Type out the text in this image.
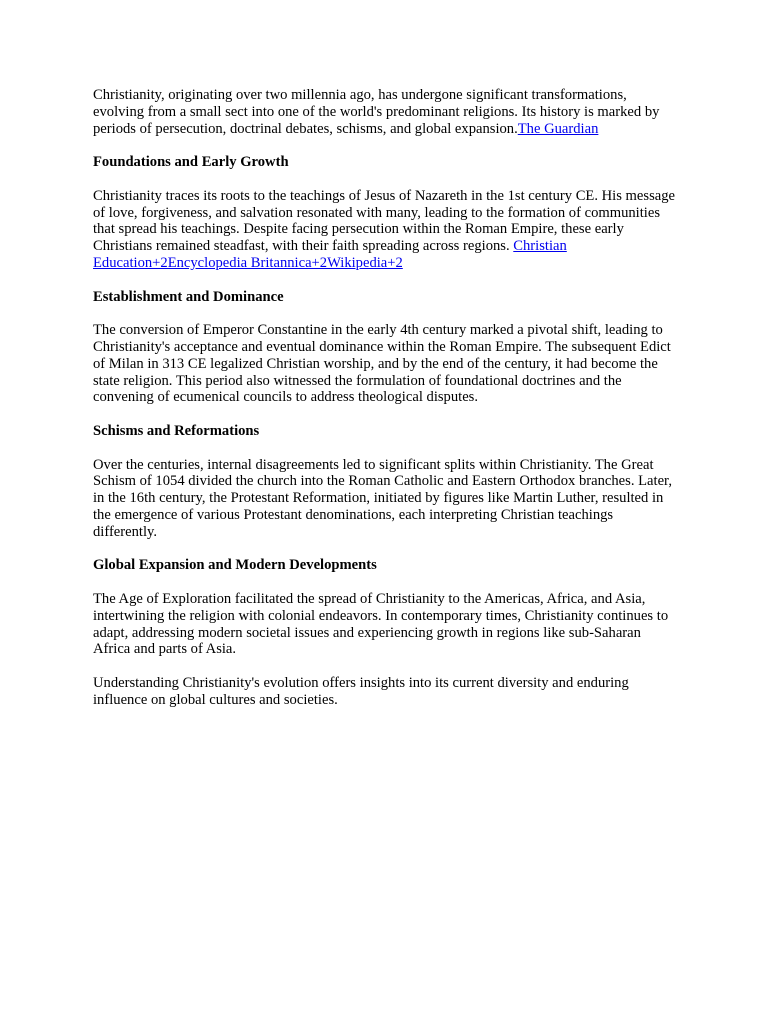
Christianity, originating over two millennia ago, has undergone significant transformations, evolving from a small sect into one of the world's predominant religions. Its history is marked by periods of persecution, doctrinal debates, schisms, and global expansion.The Guardian

Foundations and Early Growth

Christianity traces its roots to the teachings of Jesus of Nazareth in the 1st century CE. His message of love, forgiveness, and salvation resonated with many, leading to the formation of communities that spread his teachings. Despite facing persecution within the Roman Empire, these early Christians remained steadfast, with their faith spreading across regions. Christian Education+2Encyclopedia Britannica+2Wikipedia+2

Establishment and Dominance

The conversion of Emperor Constantine in the early 4th century marked a pivotal shift, leading to Christianity's acceptance and eventual dominance within the Roman Empire. The subsequent Edict of Milan in 313 CE legalized Christian worship, and by the end of the century, it had become the state religion. This period also witnessed the formulation of foundational doctrines and the convening of ecumenical councils to address theological disputes.

Schisms and Reformations

Over the centuries, internal disagreements led to significant splits within Christianity. The Great Schism of 1054 divided the church into the Roman Catholic and Eastern Orthodox branches. Later, in the 16th century, the Protestant Reformation, initiated by figures like Martin Luther, resulted in the emergence of various Protestant denominations, each interpreting Christian teachings differently.

Global Expansion and Modern Developments

The Age of Exploration facilitated the spread of Christianity to the Americas, Africa, and Asia, intertwining the religion with colonial endeavors. In contemporary times, Christianity continues to adapt, addressing modern societal issues and experiencing growth in regions like sub-Saharan Africa and parts of Asia.

Understanding Christianity's evolution offers insights into its current diversity and enduring influence on global cultures and societies.
